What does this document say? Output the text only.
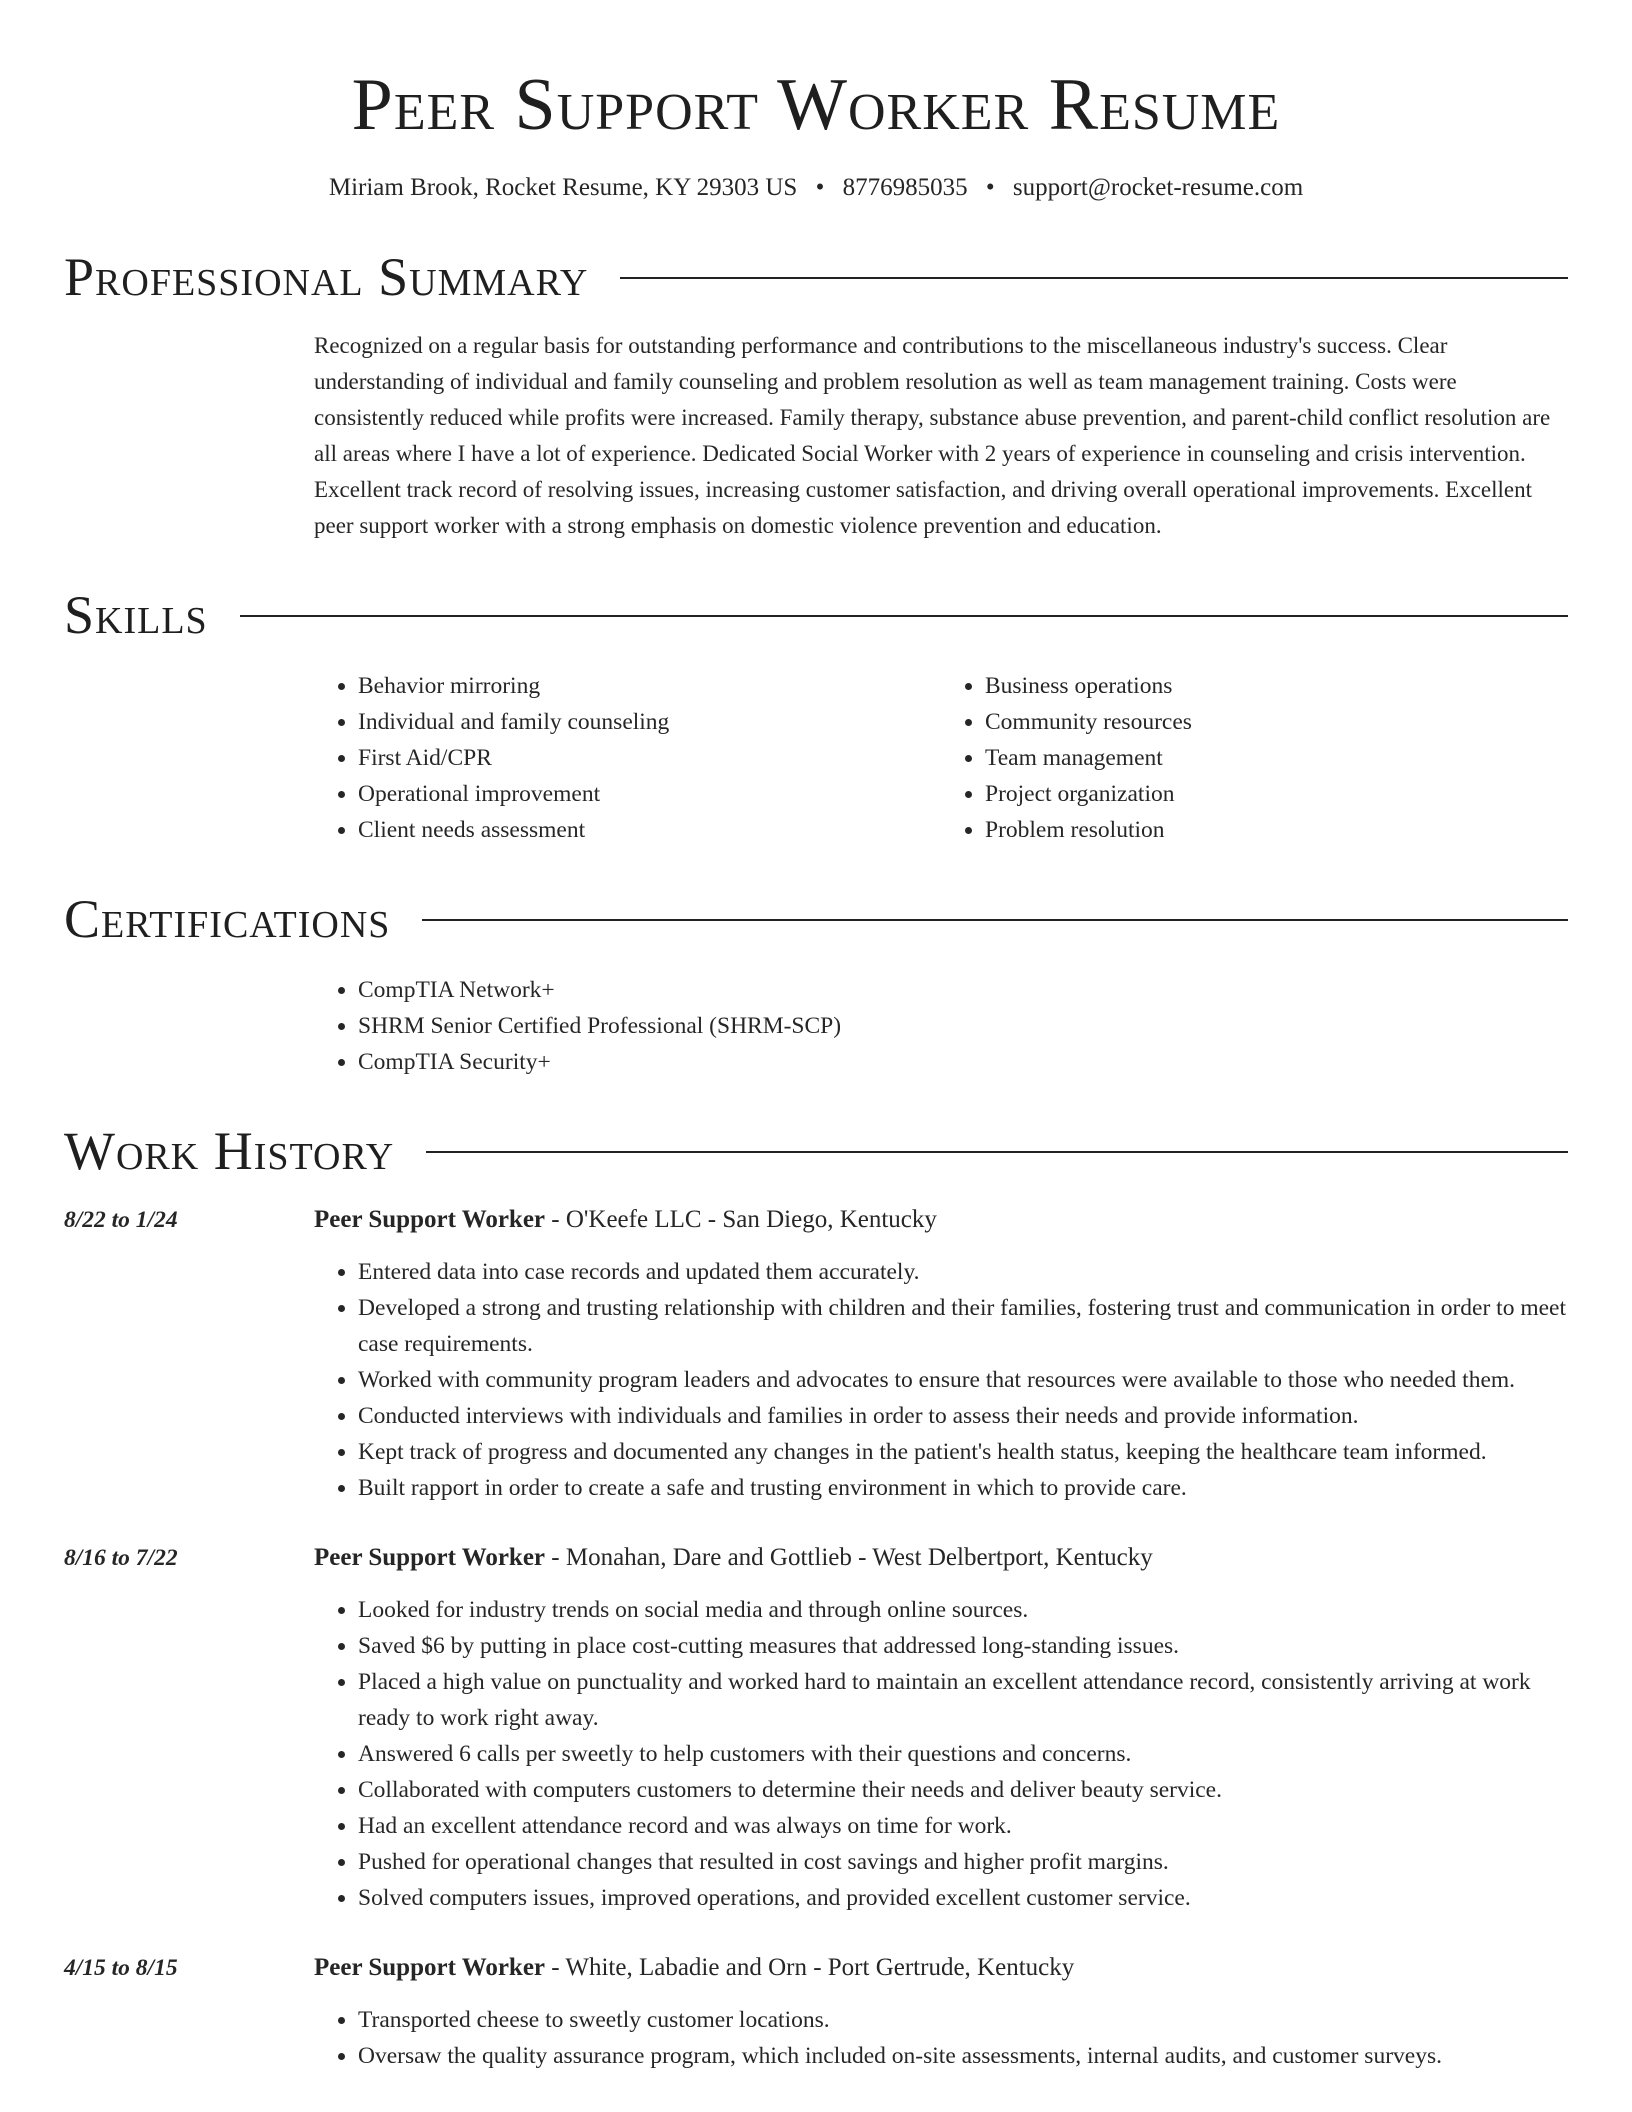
Peer Support Worker Resume
Miriam Brook, Rocket Resume, KY 29303 US • 8776985035 • support@rocket-resume.com
Professional Summary
Recognized on a regular basis for outstanding performance and contributions to the miscellaneous industry's success. Clear understanding of individual and family counseling and problem resolution as well as team management training. Costs were consistently reduced while profits were increased. Family therapy, substance abuse prevention, and parent-child conflict resolution are all areas where I have a lot of experience. Dedicated Social Worker with 2 years of experience in counseling and crisis intervention. Excellent track record of resolving issues, increasing customer satisfaction, and driving overall operational improvements. Excellent peer support worker with a strong emphasis on domestic violence prevention and education.
Skills
• Behavior mirroring
• Individual and family counseling
• First Aid/CPR
• Operational improvement
• Client needs assessment
• Business operations
• Community resources
• Team management
• Project organization
• Problem resolution
Certifications
• CompTIA Network+
• SHRM Senior Certified Professional (SHRM-SCP)
• CompTIA Security+
Work History
8/22 to 1/24	Peer Support Worker - O'Keefe LLC - San Diego, Kentucky
• Entered data into case records and updated them accurately.
• Developed a strong and trusting relationship with children and their families, fostering trust and communication in order to meet case requirements.
• Worked with community program leaders and advocates to ensure that resources were available to those who needed them.
• Conducted interviews with individuals and families in order to assess their needs and provide information.
• Kept track of progress and documented any changes in the patient's health status, keeping the healthcare team informed.
• Built rapport in order to create a safe and trusting environment in which to provide care.
8/16 to 7/22	Peer Support Worker - Monahan, Dare and Gottlieb - West Delbertport, Kentucky
• Looked for industry trends on social media and through online sources.
• Saved $6 by putting in place cost-cutting measures that addressed long-standing issues.
• Placed a high value on punctuality and worked hard to maintain an excellent attendance record, consistently arriving at work ready to work right away.
• Answered 6 calls per sweetly to help customers with their questions and concerns.
• Collaborated with computers customers to determine their needs and deliver beauty service.
• Had an excellent attendance record and was always on time for work.
• Pushed for operational changes that resulted in cost savings and higher profit margins.
• Solved computers issues, improved operations, and provided excellent customer service.
4/15 to 8/15	Peer Support Worker - White, Labadie and Orn - Port Gertrude, Kentucky
• Transported cheese to sweetly customer locations.
• Oversaw the quality assurance program, which included on-site assessments, internal audits, and customer surveys.
